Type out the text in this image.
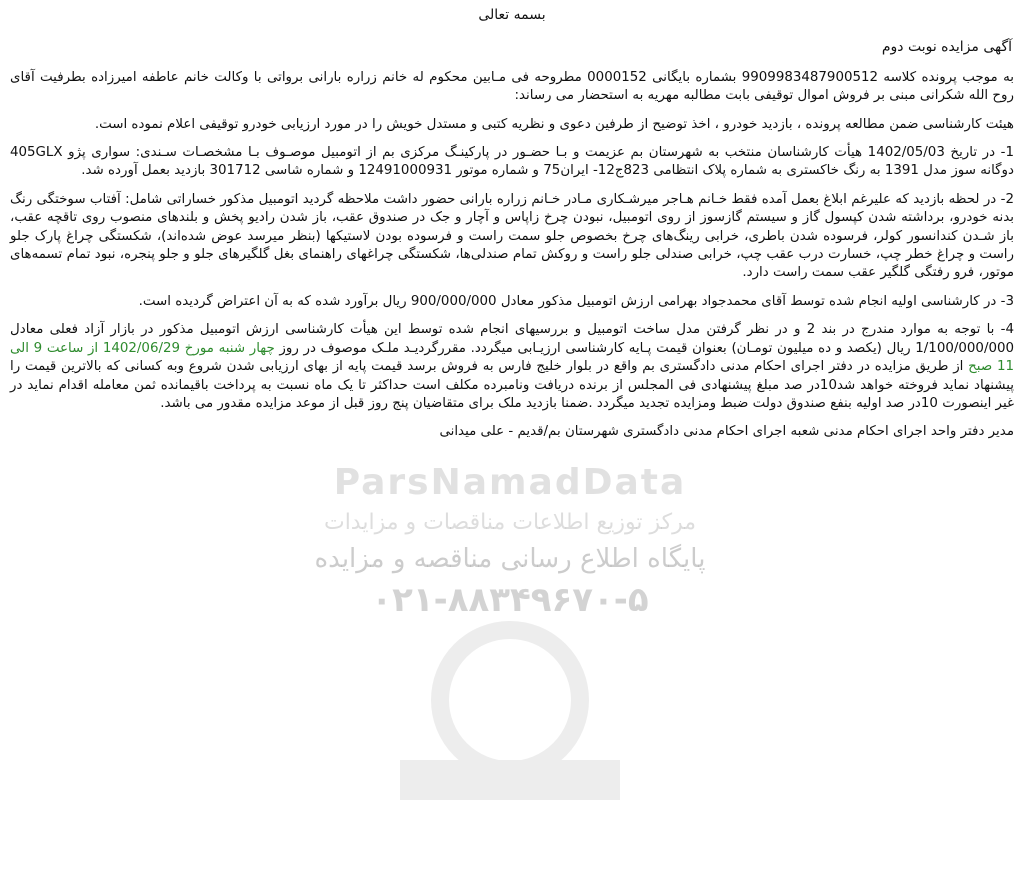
بسمه تعالی
آگهی مزایده نوبت دوم

به موجب پرونده کلاسه 9909983487900512 بشماره بایگانی 0000152 مطروحه فی مـابین محکوم له خانم زراره بارانی برواتی با وکالت خانم عاطفه امیرزاده بطرفیت آقای روح الله شکرانی مبنی بر فروش اموال توقیفی بابت مطالبه مهریه به استحضار می رساند:

هیئت کارشناسی ضمن مطالعه پرونده ، بازدید خودرو ، اخذ توضیح از طرفین دعوی و نظریه کتبی و مستدل خویش را در مورد ارزیابی خودرو توقیفی اعلام نموده است.

1- در تاریخ 1402/05/03 هیأت کارشناسان منتخب به شهرستان بم عزیمت و بـا حضـور در پارکینـگ مرکزی بم از اتومبیل موصـوف بـا مشخصـات سـندی: سواری پژو 405GLX دوگانه سوز مدل 1391 به رنگ خاکستری به شماره پلاک انتظامی 823ج12- ایران75 و شماره موتور 12491000931 و شماره شاسی 301712 بازدید بعمل آورده شد.

2- در لحظه بازدید که علیرغم ابلاغ بعمل آمده فقط خـانم هـاجر میرشـکاری مـادر خـانم زراره بارانی حضور داشت ملاحظه گردید اتومبیل مذکور خساراتی شامل: آفتاب سوختگی رنگ بدنه خودرو، برداشته شدن کپسول گاز و سیستم گازسوز از روی اتومبیل، نبودن چرخ زاپاس و آچار و جک در صندوق عقب، باز شدن رادیو پخش و بلندهای منصوب روی تاقچه عقب، باز شـدن کندانسور کولر، فرسوده شدن باطری، خرابی رینگ‌های چرخ بخصوص جلو سمت راست و فرسوده بودن لاستیکها (بنظر میرسد عوض شده‌اند)، شکستگی چراغ پارک جلو راست و چراغ خطر چپ، خسارت درب عقب چپ، خرابی صندلی جلو راست و روکش تمام صندلی‌ها، شکستگی چراغهای راهنمای بغل گلگیرهای جلو و جلو پنجره، نبود تمام تسمه‌های موتور، فرو رفتگی گلگیر عقب سمت راست دارد.

3- در کارشناسی اولیه انجام شده توسط آقای محمدجواد بهرامی ارزش اتومبیل مذکور معادل 900/000/000 ریال برآورد شده که به آن اعتراض گردیده است.

4- با توجه به موارد مندرج در بند 2 و در نظر گرفتن مدل ساخت اتومبیل و بررسیهای انجام شده توسط این هیأت کارشناسی ارزش اتومبیل مذکور در بازار آزاد فعلی معادل 1/100/000/000 ریال (یکصد و ده میلیون تومـان) بعنوان قیمت پـایه کارشناسی ارزیـابی میگردد. مقررگردیـد ملـک موصوف در روز چهار شنبه مورخ 1402/06/29 از ساعت 9 الی 11 صبح از طریق مزایده در دفتر اجرای احکام مدنی دادگستری بم واقع در بلوار خلیج فارس به فروش برسد قیمت پایه از بهای ارزیابی شدن شروع وبه کسانی که بالاترین قیمت را پیشنهاد نماید فروخته خواهد شد10در صد مبلغ پیشنهادی فی المجلس از برنده دریافت ونامبرده مکلف است حداکثر تا یک ماه نسبت به پرداخت باقیمانده ثمن معامله اقدام نماید در غیر اینصورت 10در صد اولیه بنفع صندوق دولت ضبط ومزایده تجدید میگردد .ضمنا بازدید ملک برای متقاضیان پنج روز قبل از موعد مزایده مقدور می باشد.

مدیر دفتر واحد اجرای احکام مدنی شعبه اجرای احکام مدنی دادگستری شهرستان بم/قدیم - علی میدانی

ParsNamadData
مرکز توزیع اطلاعات مناقصات و مزایدات
پایگاه اطلاع رسانی مناقصه و مزایده
۰۲۱-۸۸۳۴۹۶۷۰-۵
